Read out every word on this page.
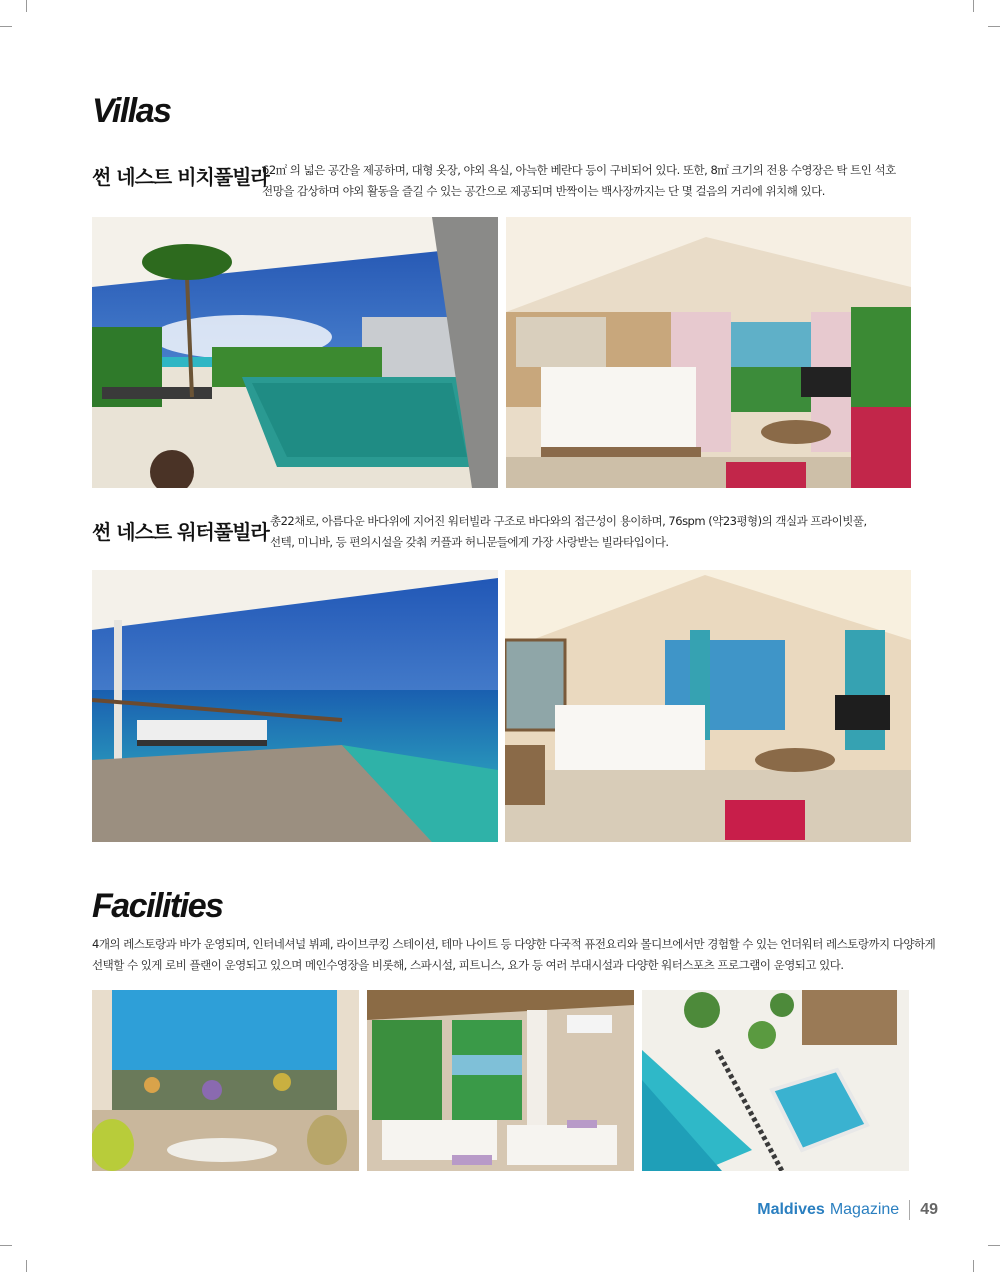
Villas
썬 네스트 비치풀빌라
62㎡ 의 넓은 공간을 제공하며, 대형 옷장, 야외 욕실, 아늑한 베란다 등이 구비되어 있다. 또한, 8㎡ 크기의 전용 수영장은 탁 트인 석호
전망을 감상하며 야외 활동을 즐길 수 있는 공간으로 제공되며 반짝이는 백사장까지는 단 몇 걸음의 거리에 위치해 있다.
썬 네스트 워터풀빌라 총22채로, 아름다운 바다위에 지어진 워터빌라 구조로 바다와의 접근성이 용이하며, 76spm (약23평형)의 객실과 프라이빗풀,
선텍, 미니바, 등 편의시설을 갖춰 커플과 허니문들에게 가장 사랑받는 빌라타입이다.
Facilities
4개의 레스토랑과 바가 운영되며, 인터네셔널 뷔페, 라이브쿠킹 스테이션, 테마 나이트 등 다양한 다국적 퓨전요리와 몰디브에서만 경험할 수 있는 언더워터 레스토랑까지 다양하게
선택할 수 있게 로비 플랜이 운영되고 있으며 메인수영장을 비롯해, 스파시설, 피트니스, 요가 등 여러 부대시설과 다양한 워터스포츠 프로그램이 운영되고 있다.
Maldives Magazine 49
